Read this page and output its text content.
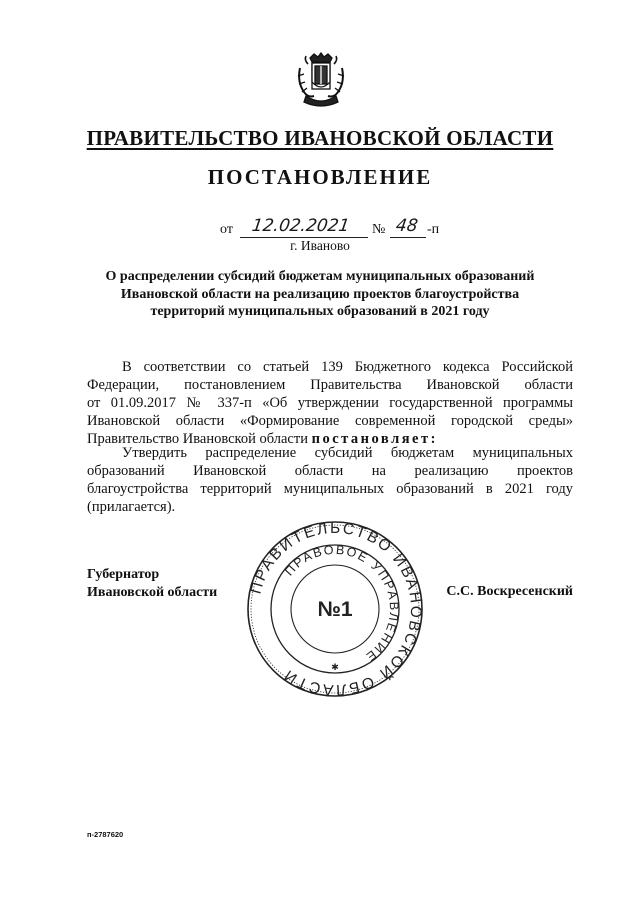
ПРАВИТЕЛЬСТВО ИВАНОВСКОЙ ОБЛАСТИ
ПОСТАНОВЛЕНИЕ
от 12.02.2021 № 48 -п
г. Иваново
О распределении субсидий бюджетам муниципальных образований
Ивановской области на реализацию проектов благоустройства
территорий муниципальных образований в 2021 году
В соответствии со статьей 139 Бюджетного кодекса Российской
Федерации, постановлением Правительства Ивановской области
от 01.09.2017 № 337-п «Об утверждении государственной программы
Ивановской области «Формирование современной городской среды»
Правительство Ивановской области постановляет:
Утвердить распределение субсидий бюджетам муниципальных
образований Ивановской области на реализацию проектов
благоустройства территорий муниципальных образований в 2021 году
(прилагается).
ПРАВИТЕЛЬСТВО ИВАНОВСКОЙ ОБЛАСТИ
ПРАВОВОЕ УПРАВЛЕНИЕ
№1
✱
Губернатор
Ивановской области	С.С. Воскресенский
п-2787620
